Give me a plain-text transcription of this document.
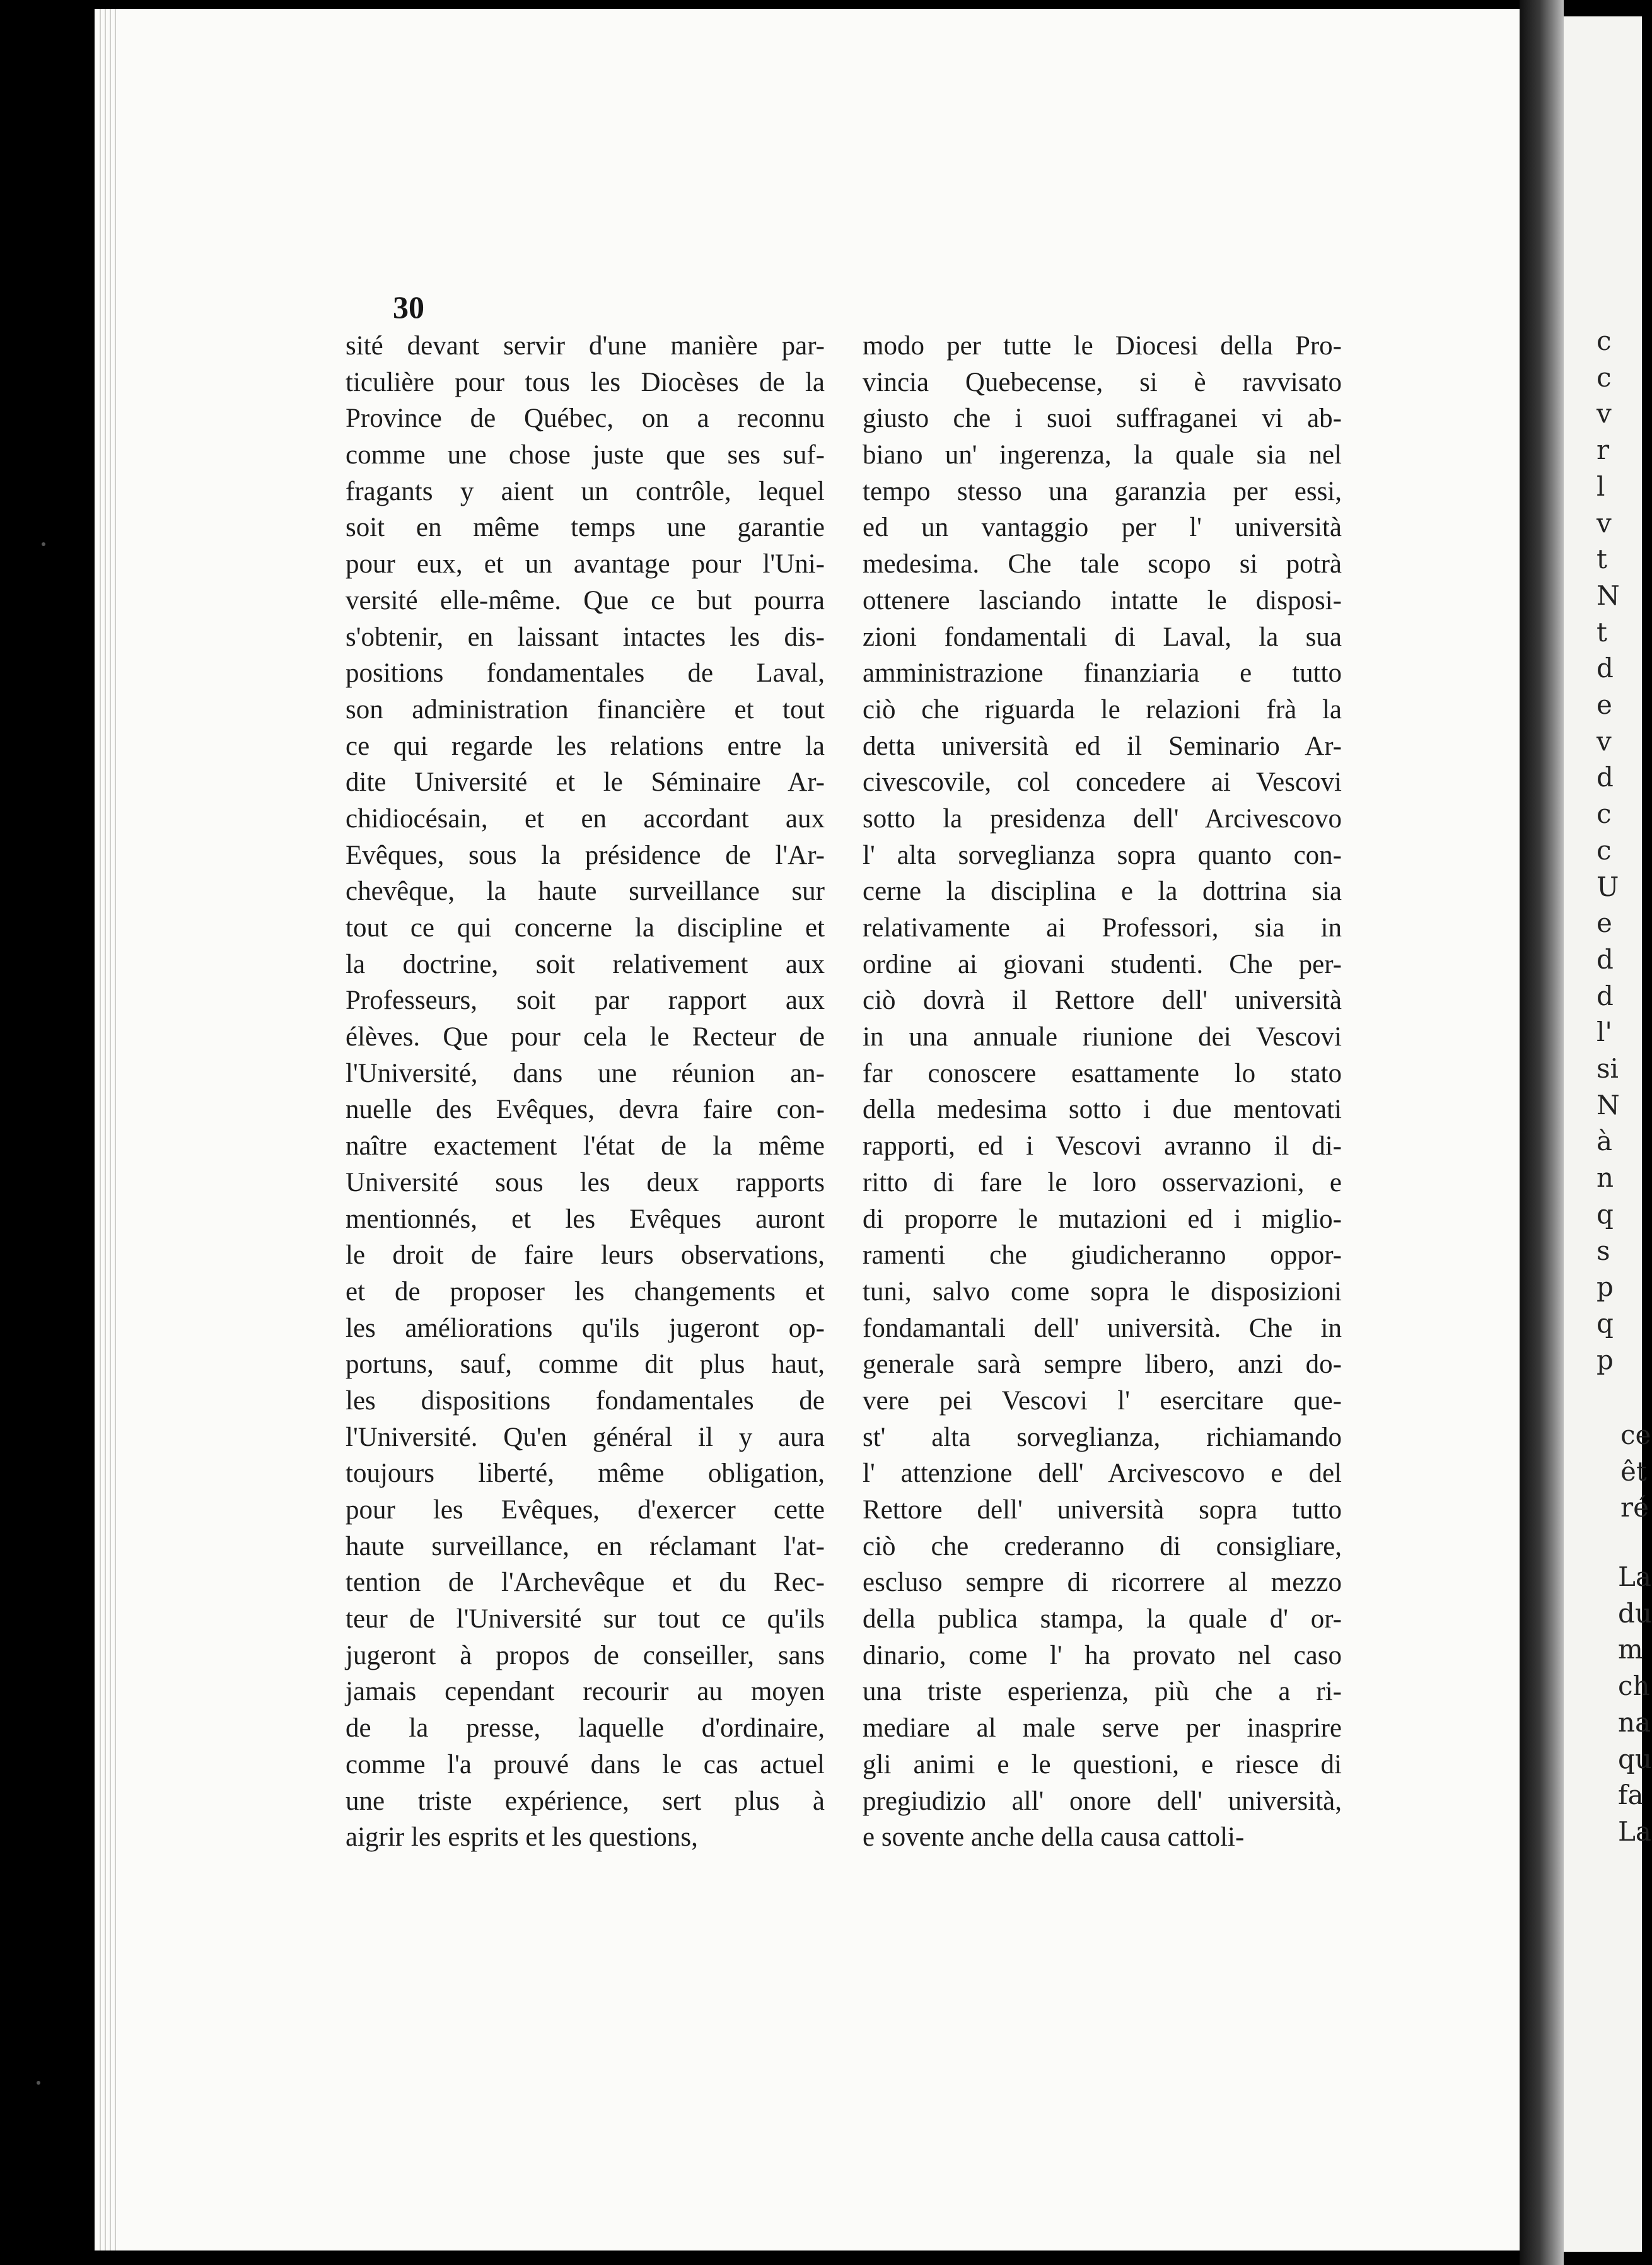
30
sité devant servir d'une manière par-
ticulière pour tous les Diocèses de la
Province de Québec, on a reconnu
comme une chose juste que ses suf-
fragants y aient un contrôle, lequel
soit en même temps une garantie
pour eux, et un avantage pour l'Uni-
versité elle-même. Que ce but pourra
s'obtenir, en laissant intactes les dis-
positions fondamentales de Laval,
son administration financière et tout
ce qui regarde les relations entre la
dite Université et le Séminaire Ar-
chidiocésain, et en accordant aux
Evêques, sous la présidence de l'Ar-
chevêque, la haute surveillance sur
tout ce qui concerne la discipline et
la doctrine, soit relativement aux
Professeurs, soit par rapport aux
élèves. Que pour cela le Recteur de
l'Université, dans une réunion an-
nuelle des Evêques, devra faire con-
naître exactement l'état de la même
Université sous les deux rapports
mentionnés, et les Evêques auront
le droit de faire leurs observations,
et de proposer les changements et
les améliorations qu'ils jugeront op-
portuns, sauf, comme dit plus haut,
les dispositions fondamentales de
l'Université. Qu'en général il y aura
toujours liberté, même obligation,
pour les Evêques, d'exercer cette
haute surveillance, en réclamant l'at-
tention de l'Archevêque et du Rec-
teur de l'Université sur tout ce qu'ils
jugeront à propos de conseiller, sans
jamais cependant recourir au moyen
de la presse, laquelle d'ordinaire,
comme l'a prouvé dans le cas actuel
une triste expérience, sert plus à
aigrir les esprits et les questions,
modo per tutte le Diocesi della Pro-
vincia Quebecense, si è ravvisato
giusto che i suoi suffraganei vi ab-
biano un' ingerenza, la quale sia nel
tempo stesso una garanzia per essi,
ed un vantaggio per l' università
medesima. Che tale scopo si potrà
ottenere lasciando intatte le disposi-
zioni fondamentali di Laval, la sua
amministrazione finanziaria e tutto
ciò che riguarda le relazioni frà la
detta università ed il Seminario Ar-
civescovile, col concedere ai Vescovi
sotto la presidenza dell' Arcivescovo
l' alta sorveglianza sopra quanto con-
cerne la disciplina e la dottrina sia
relativamente ai Professori, sia in
ordine ai giovani studenti. Che per-
ciò dovrà il Rettore dell' università
in una annuale riunione dei Vescovi
far conoscere esattamente lo stato
della medesima sotto i due mentovati
rapporti, ed i Vescovi avranno il di-
ritto di fare le loro osservazioni, e
di proporre le mutazioni ed i miglio-
ramenti che giudicheranno oppor-
tuni, salvo come sopra le disposizioni
fondamantali dell' università. Che in
generale sarà sempre libero, anzi do-
vere pei Vescovi l' esercitare que-
st' alta sorveglianza, richiamando
l' attenzione dell' Arcivescovo e del
Rettore dell' università sopra tutto
ciò che crederanno di consigliare,
escluso sempre di ricorrere al mezzo
della publica stampa, la quale d' or-
dinario, come l' ha provato nel caso
una triste esperienza, più che a ri-
mediare al male serve per inasprire
gli animi e le questioni, e riesce di
pregiudizio all' onore dell' università,
e sovente anche della causa cattoli-
c
c
v
r
l
v
t
N
t
d
e
v
d
c
c
U
e
d
d
l'
si
N
à
n
q
s
p
q
p
ce
êt
ré
La
du
m
ch
na
qu
fa
La
